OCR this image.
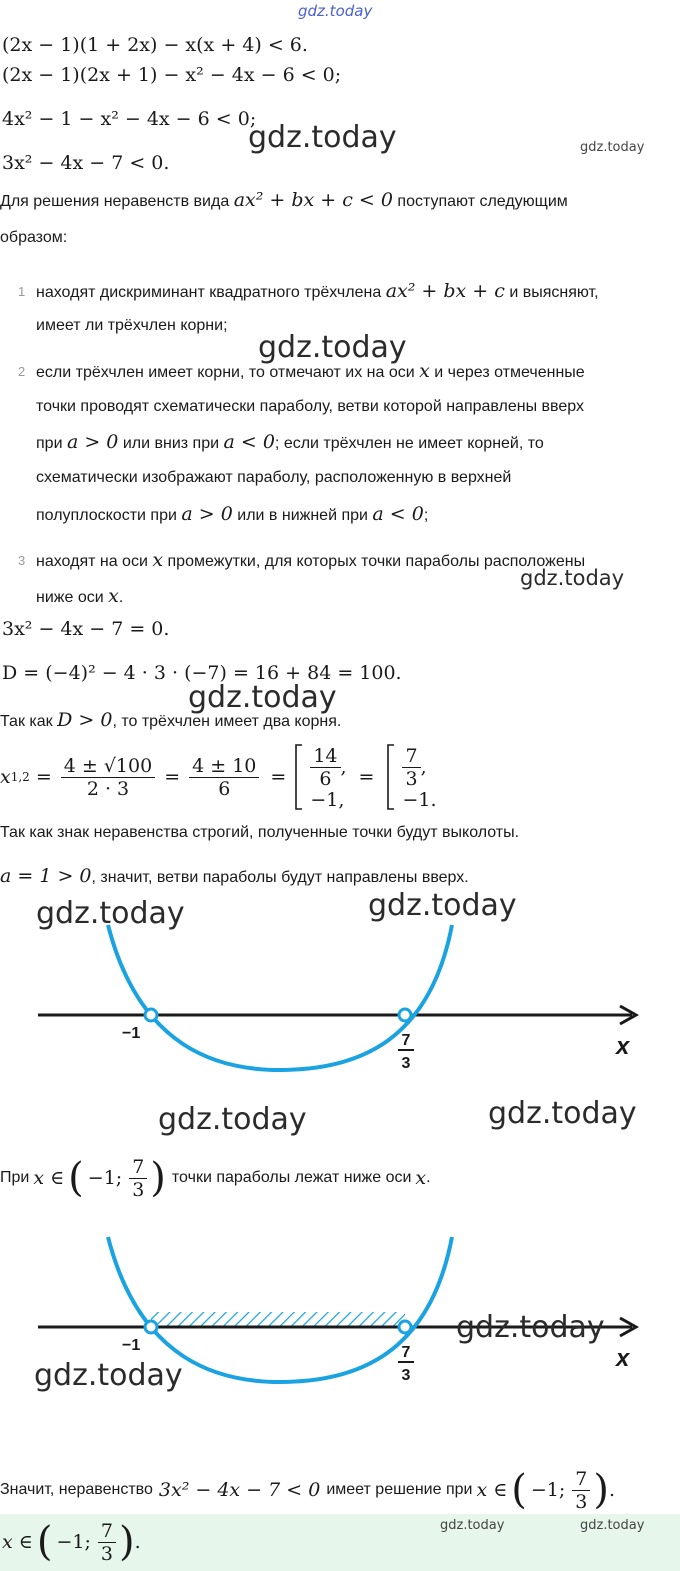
gdz.today
(2x − 1)(1 + 2x) − x(x + 4) < 6.
(2x − 1)(2x + 1) − x² − 4x − 6 < 0;
4x² − 1 − x² − 4x − 6 < 0;
3x² − 4x − 7 < 0.
gdz.today	gdz.today
Для решения неравенств вида ax² + bx + c < 0 поступают следующим
образом:
1 находят дискриминант квадратного трёхчлена ax² + bx + c и выясняют,
имеет ли трёхчлен корни;
gdz.today
2 если трёхчлен имеет корни, то отмечают их на оси x и через отмеченные
точки проводят схематически параболу, ветви которой направлены вверх
при a > 0 или вниз при a < 0; если трёхчлен не имеет корней, то
схематически изображают параболу, расположенную в верхней
полуплоскости при a > 0 или в нижней при a < 0;
3 находят на оси x промежутки, для которых точки параболы расположены
ниже оси x.
gdz.today
3x² − 4x − 7 = 0.
D = (−4)² − 4 · 3 · (−7) = 16 + 84 = 100.
gdz.today
Так как D > 0, то трёхчлен имеет два корня.
x $1,2 = \frac{4 \pm √100}{2 \cdot 3} = \frac{4 \pm 10}{6} = \frac{14}{6}$ ,

−1,
= $\frac{7}{3}$ ,

−1.
Так как знак неравенства строгий, полученные точки будут выколоты.
a = 1 > 0, значит, ветви параболы будут направлены вверх.
−1	7
3
x
gdz.today	gdz.today
gdz.today	gdz.today
При x ∈ ( −1; $\frac{7}{3}$ ) точки параболы лежат ниже оси x .
−1	7
3
x
gdz.today
gdz.today
Значит, неравенство 3x² − 4x − 7 < 0 имеет решение при x ∈ ( −1; $\frac{7}{3}$ ) .
x ∈ ( −1; $\frac{7}{3}$ ) .
gdz.today	gdz.today
